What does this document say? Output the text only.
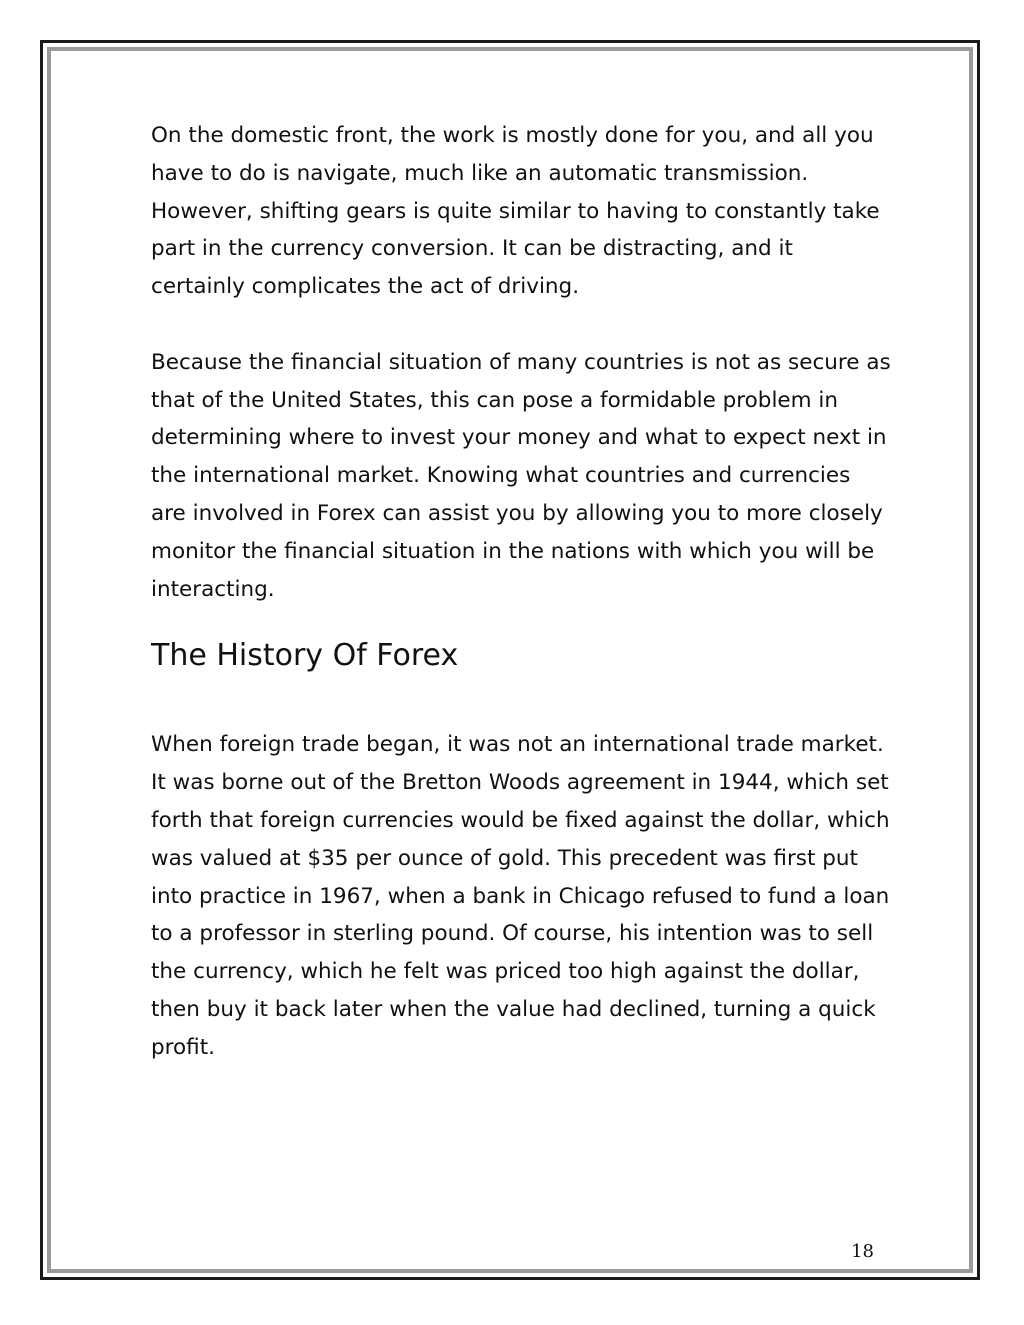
On the domestic front, the work is mostly done for you, and all you have to do is navigate, much like an automatic transmission. However, shifting gears is quite similar to having to constantly take part in the currency conversion. It can be distracting, and it certainly complicates the act of driving.

Because the financial situation of many countries is not as secure as that of the United States, this can pose a formidable problem in determining where to invest your money and what to expect next in the international market. Knowing what countries and currencies are involved in Forex can assist you by allowing you to more closely monitor the financial situation in the nations with which you will be interacting.

The History Of Forex

When foreign trade began, it was not an international trade market. It was borne out of the Bretton Woods agreement in 1944, which set forth that foreign currencies would be fixed against the dollar, which was valued at $35 per ounce of gold. This precedent was first put into practice in 1967, when a bank in Chicago refused to fund a loan to a professor in sterling pound. Of course, his intention was to sell the currency, which he felt was priced too high against the dollar, then buy it back later when the value had declined, turning a quick profit.

18
